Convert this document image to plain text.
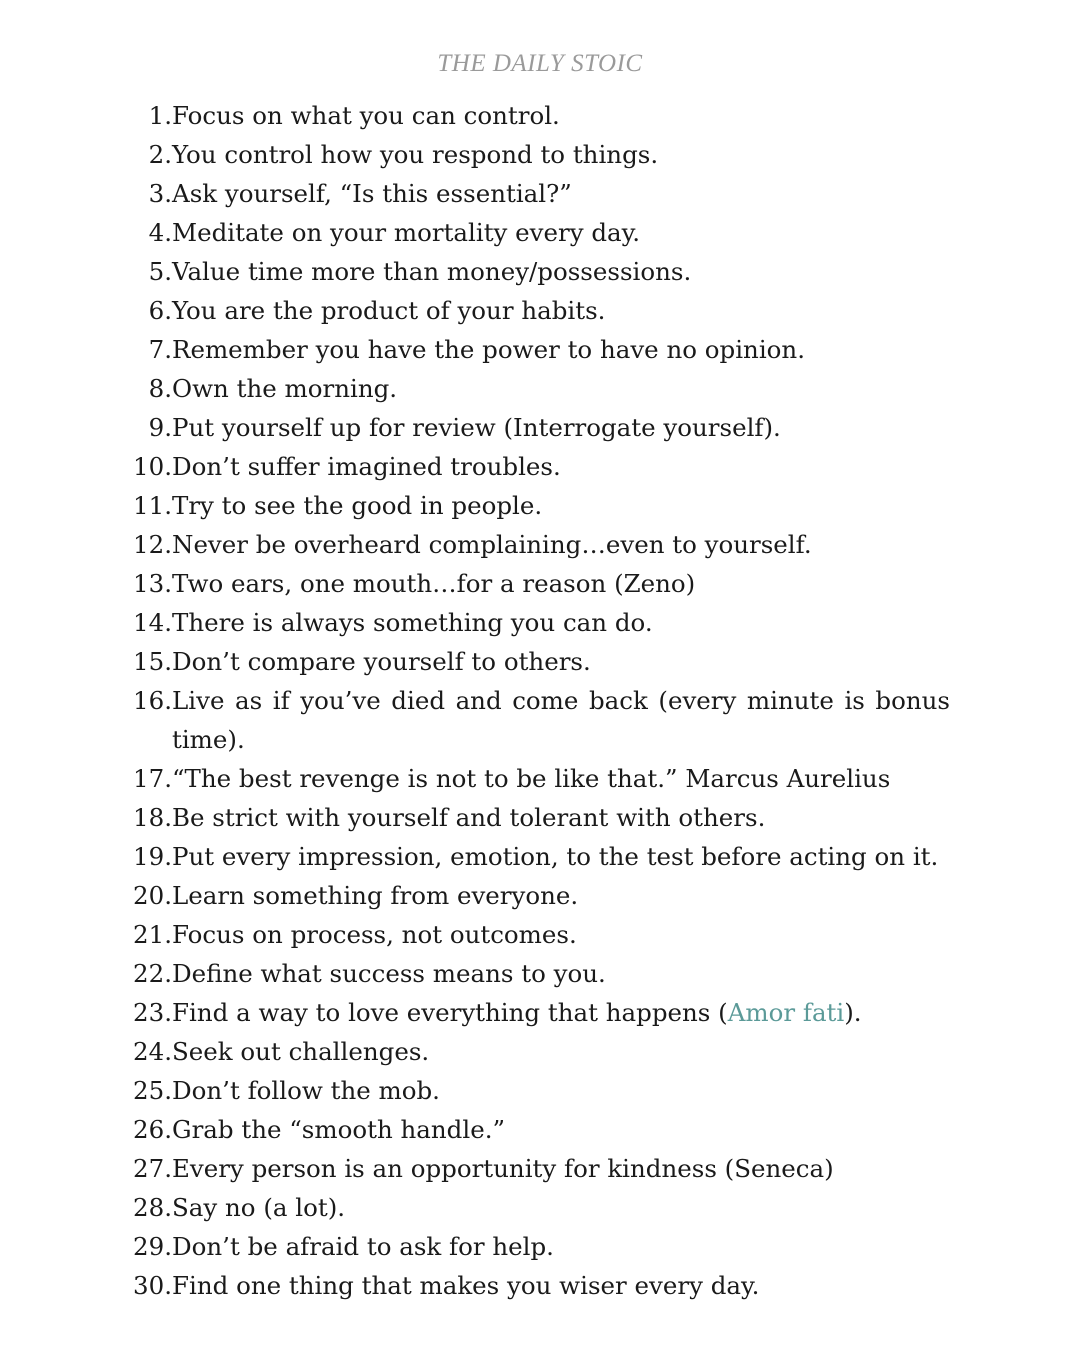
THE DAILY STOIC
1. Focus on what you can control.
2. You control how you respond to things.
3. Ask yourself, “Is this essential?”
4. Meditate on your mortality every day.
5. Value time more than money/possessions.
6. You are the product of your habits.
7. Remember you have the power to have no opinion.
8. Own the morning.
9. Put yourself up for review (Interrogate yourself).
10. Don’t suffer imagined troubles.
11. Try to see the good in people.
12. Never be overheard complaining…even to yourself.
13. Two ears, one mouth…for a reason (Zeno)
14. There is always something you can do.
15. Don’t compare yourself to others.
16. Live as if you’ve died and come back (every minute is bonus time).
17. “The best revenge is not to be like that.” Marcus Aurelius
18. Be strict with yourself and tolerant with others.
19. Put every impression, emotion, to the test before acting on it.
20. Learn something from everyone.
21. Focus on process, not outcomes.
22. Define what success means to you.
23. Find a way to love everything that happens (Amor fati).
24. Seek out challenges.
25. Don’t follow the mob.
26. Grab the “smooth handle.”
27. Every person is an opportunity for kindness (Seneca)
28. Say no (a lot).
29. Don’t be afraid to ask for help.
30. Find one thing that makes you wiser every day.
